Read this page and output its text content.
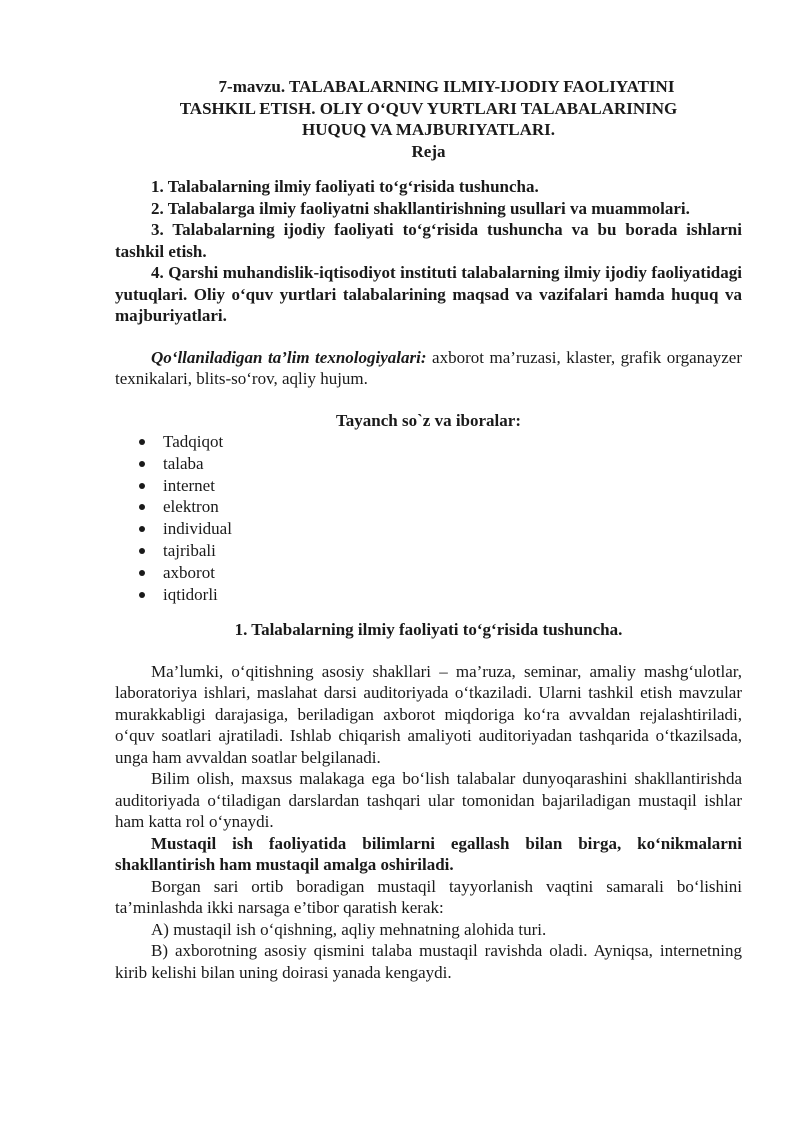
7-mavzu. TALABALARNING ILMIY-IJODIY FAOLIYATINI
TASHKIL ETISH. OLIY O‘QUV YURTLARI TALABALARINING
HUQUQ VA MAJBURIYATLARI.
Reja

1. Talabalarning ilmiy faoliyati to‘g‘risida tushuncha.

2. Talabalarga ilmiy faoliyatni shakllantirishning usullari va muammolari.

3. Talabalarning ijodiy faoliyati to‘g‘risida tushuncha va bu borada ishlarni tashkil etish.

4. Qarshi muhandislik-iqtisodiyot instituti talabalarning ilmiy ijodiy faoliyatidagi yutuqlari. Oliy o‘quv yurtlari talabalarining maqsad va vazifalari hamda huquq va majburiyatlari.

Qo‘llaniladigan ta’lim texnologiyalari: axborot ma’ruzasi, klaster, grafik organayzer texnikalari, blits-so‘rov, aqliy hujum.

Tayanch so`z va iboralar:
Tadqiqot
talaba
internet
elektron
individual
tajribali
axborot
iqtidorli
1. Talabalarning ilmiy faoliyati to‘g‘risida tushuncha.

Ma’lumki, o‘qitishning asosiy shakllari – ma’ruza, seminar, amaliy mashg‘ulotlar, laboratoriya ishlari, maslahat darsi auditoriyada o‘tkaziladi. Ularni tashkil etish mavzular murakkabligi darajasiga, beriladigan axborot miqdoriga ko‘ra avvaldan rejalashtiriladi, o‘quv soatlari ajratiladi. Ishlab chiqarish amaliyoti auditoriyadan tashqarida o‘tkazilsada, unga ham avvaldan soatlar belgilanadi.

Bilim olish, maxsus malakaga ega bo‘lish talabalar dunyoqarashini shakllantirishda auditoriyada o‘tiladigan darslardan tashqari ular tomonidan bajariladigan mustaqil ishlar ham katta rol o‘ynaydi.

Mustaqil ish faoliyatida bilimlarni egallash bilan birga, ko‘nikmalarni shakllantirish ham mustaqil amalga oshiriladi.

Borgan sari ortib boradigan mustaqil tayyorlanish vaqtini samarali bo‘lishini ta’minlashda ikki narsaga e’tibor qaratish kerak:

A) mustaqil ish o‘qishning, aqliy mehnatning alohida turi.

B) axborotning asosiy qismini talaba mustaqil ravishda oladi. Ayniqsa, internetning kirib kelishi bilan uning doirasi yanada kengaydi.
